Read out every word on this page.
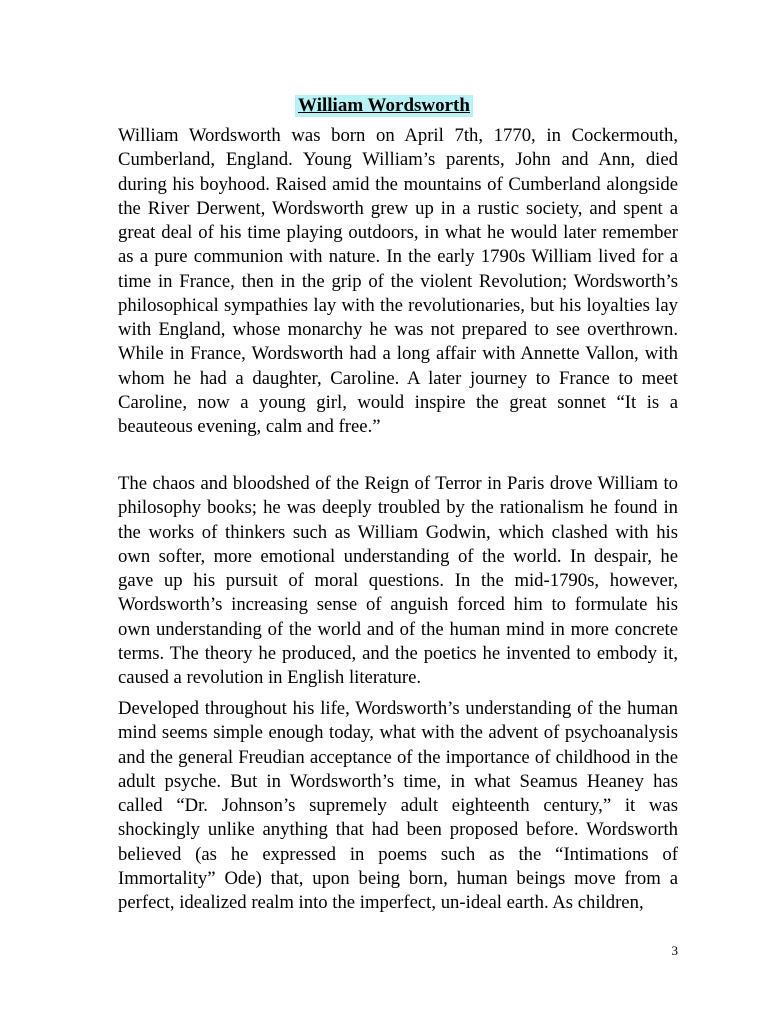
William Wordsworth

William Wordsworth was born on April 7th, 1770, in Cockermouth, Cumberland, England. Young William’s parents, John and Ann, died during his boyhood. Raised amid the mountains of Cumberland alongside the River Derwent, Wordsworth grew up in a rustic society, and spent a great deal of his time playing outdoors, in what he would later remember as a pure communion with nature. In the early 1790s William lived for a time in France, then in the grip of the violent Revolution; Wordsworth’s philosophical sympathies lay with the revolutionaries, but his loyalties lay with England, whose monarchy he was not prepared to see overthrown. While in France, Wordsworth had a long affair with Annette Vallon, with whom he had a daughter, Caroline. A later journey to France to meet Caroline, now a young girl, would inspire the great sonnet “It is a beauteous evening, calm and free.”

The chaos and bloodshed of the Reign of Terror in Paris drove William to philosophy books; he was deeply troubled by the rationalism he found in the works of thinkers such as William Godwin, which clashed with his own softer, more emotional understanding of the world. In despair, he gave up his pursuit of moral questions. In the mid-1790s, however, Wordsworth’s increasing sense of anguish forced him to formulate his own understanding of the world and of the human mind in more concrete terms. The theory he produced, and the poetics he invented to embody it, caused a revolution in English literature.

Developed throughout his life, Wordsworth’s understanding of the human mind seems simple enough today, what with the advent of psychoanalysis and the general Freudian acceptance of the importance of childhood in the adult psyche. But in Wordsworth’s time, in what Seamus Heaney has called “Dr. Johnson’s supremely adult eighteenth century,” it was shockingly unlike anything that had been proposed before. Wordsworth believed (as he expressed in poems such as the “Intimations of Immortality” Ode) that, upon being born, human beings move from a perfect, idealized realm into the imperfect, un-ideal earth. As children,

3
